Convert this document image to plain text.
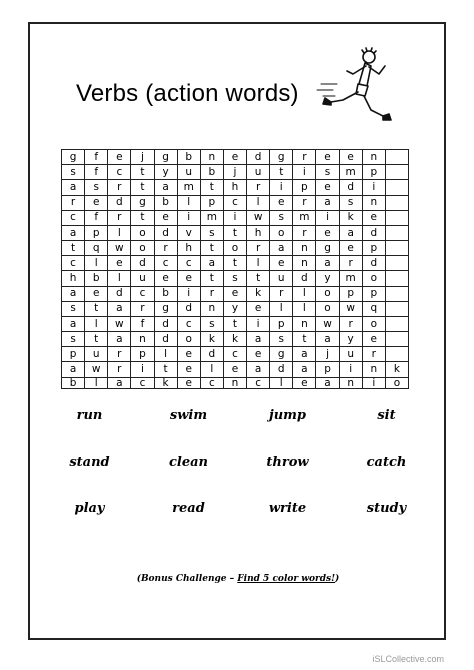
Verbs (action words)
g	f	e	j	g	b	n	e	d	g	r	e	e	n
s	f	c	t	y	u	b	j	u	t	i	s	m	p
a	s	r	t	a	m	t	h	r	i	p	e	d	i
r	e	d	g	b	l	p	c	l	e	r	a	s	n
c	f	r	t	e	i	m	i	w	s	m	i	k	e
a	p	l	o	d	v	s	t	h	o	r	e	a	d
t	q	w	o	r	h	t	o	r	a	n	g	e	p
c	l	e	d	c	c	a	t	l	e	n	a	r	d
h	b	l	u	e	e	t	s	t	u	d	y	m	o
a	e	d	c	b	i	r	e	k	r	l	o	p	p
s	t	a	r	g	d	n	y	e	l	l	o	w	q
a	l	w	f	d	c	s	t	i	p	n	w	r	o
s	t	a	n	d	o	k	k	a	s	t	a	y	e
p	u	r	p	l	e	d	c	e	g	a	j	u	r
a	w	r	i	t	e	l	e	a	d	a	p	i	n	k
b	l	a	c	k	e	c	n	c	l	e	a	n	i	o
run	swim	jump	sit
stand	clean	throw	catch
play	read	write	study
(Bonus Challenge – Find 5 color words!)
iSLCollective.com
